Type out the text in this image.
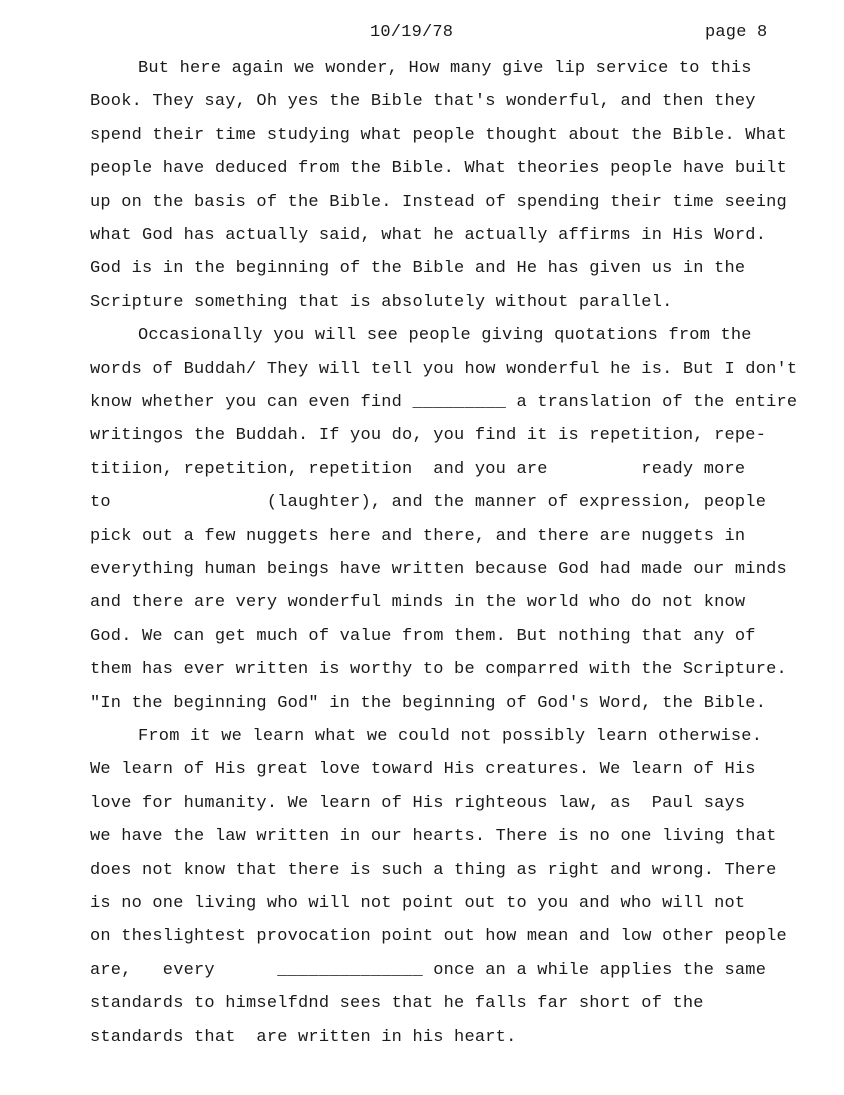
10/19/78	page 8
But here again we wonder, How many give lip service to this
Book. They say, Oh yes the Bible that's wonderful, and then they
spend their time studying what people thought about the Bible. What
people have deduced from the Bible. What theories people have built
up on the basis of the Bible. Instead of spending their time seeing
what God has actually said, what he actually affirms in His Word.
God is in the beginning of the Bible and He has given us in the
Scripture something that is absolutely without parallel.
Occasionally you will see people giving quotations from the
words of Buddah/ They will tell you how wonderful he is. But I don't
know whether you can even find _________ a translation of the entire
writingos the Buddah. If you do, you find it is repetition, repe-
titiion, repetition, repetition  and you are         ready more
to               (laughter), and the manner of expression, people
pick out a few nuggets here and there, and there are nuggets in
everything human beings have written because God had made our minds
and there are very wonderful minds in the world who do not know
God. We can get much of value from them. But nothing that any of
them has ever written is worthy to be comparred with the Scripture.
"In the beginning God" in the beginning of God's Word, the Bible.
From it we learn what we could not possibly learn otherwise.
We learn of His great love toward His creatures. We learn of His
love for humanity. We learn of His righteous law, as  Paul says
we have the law written in our hearts. There is no one living that
does not know that there is such a thing as right and wrong. There
is no one living who will not point out to you and who will not
on theslightest provocation point out how mean and low other people
are,   every      ______________ once an a while applies the same
standards to himselfdnd sees that he falls far short of the
standards that  are written in his heart.
